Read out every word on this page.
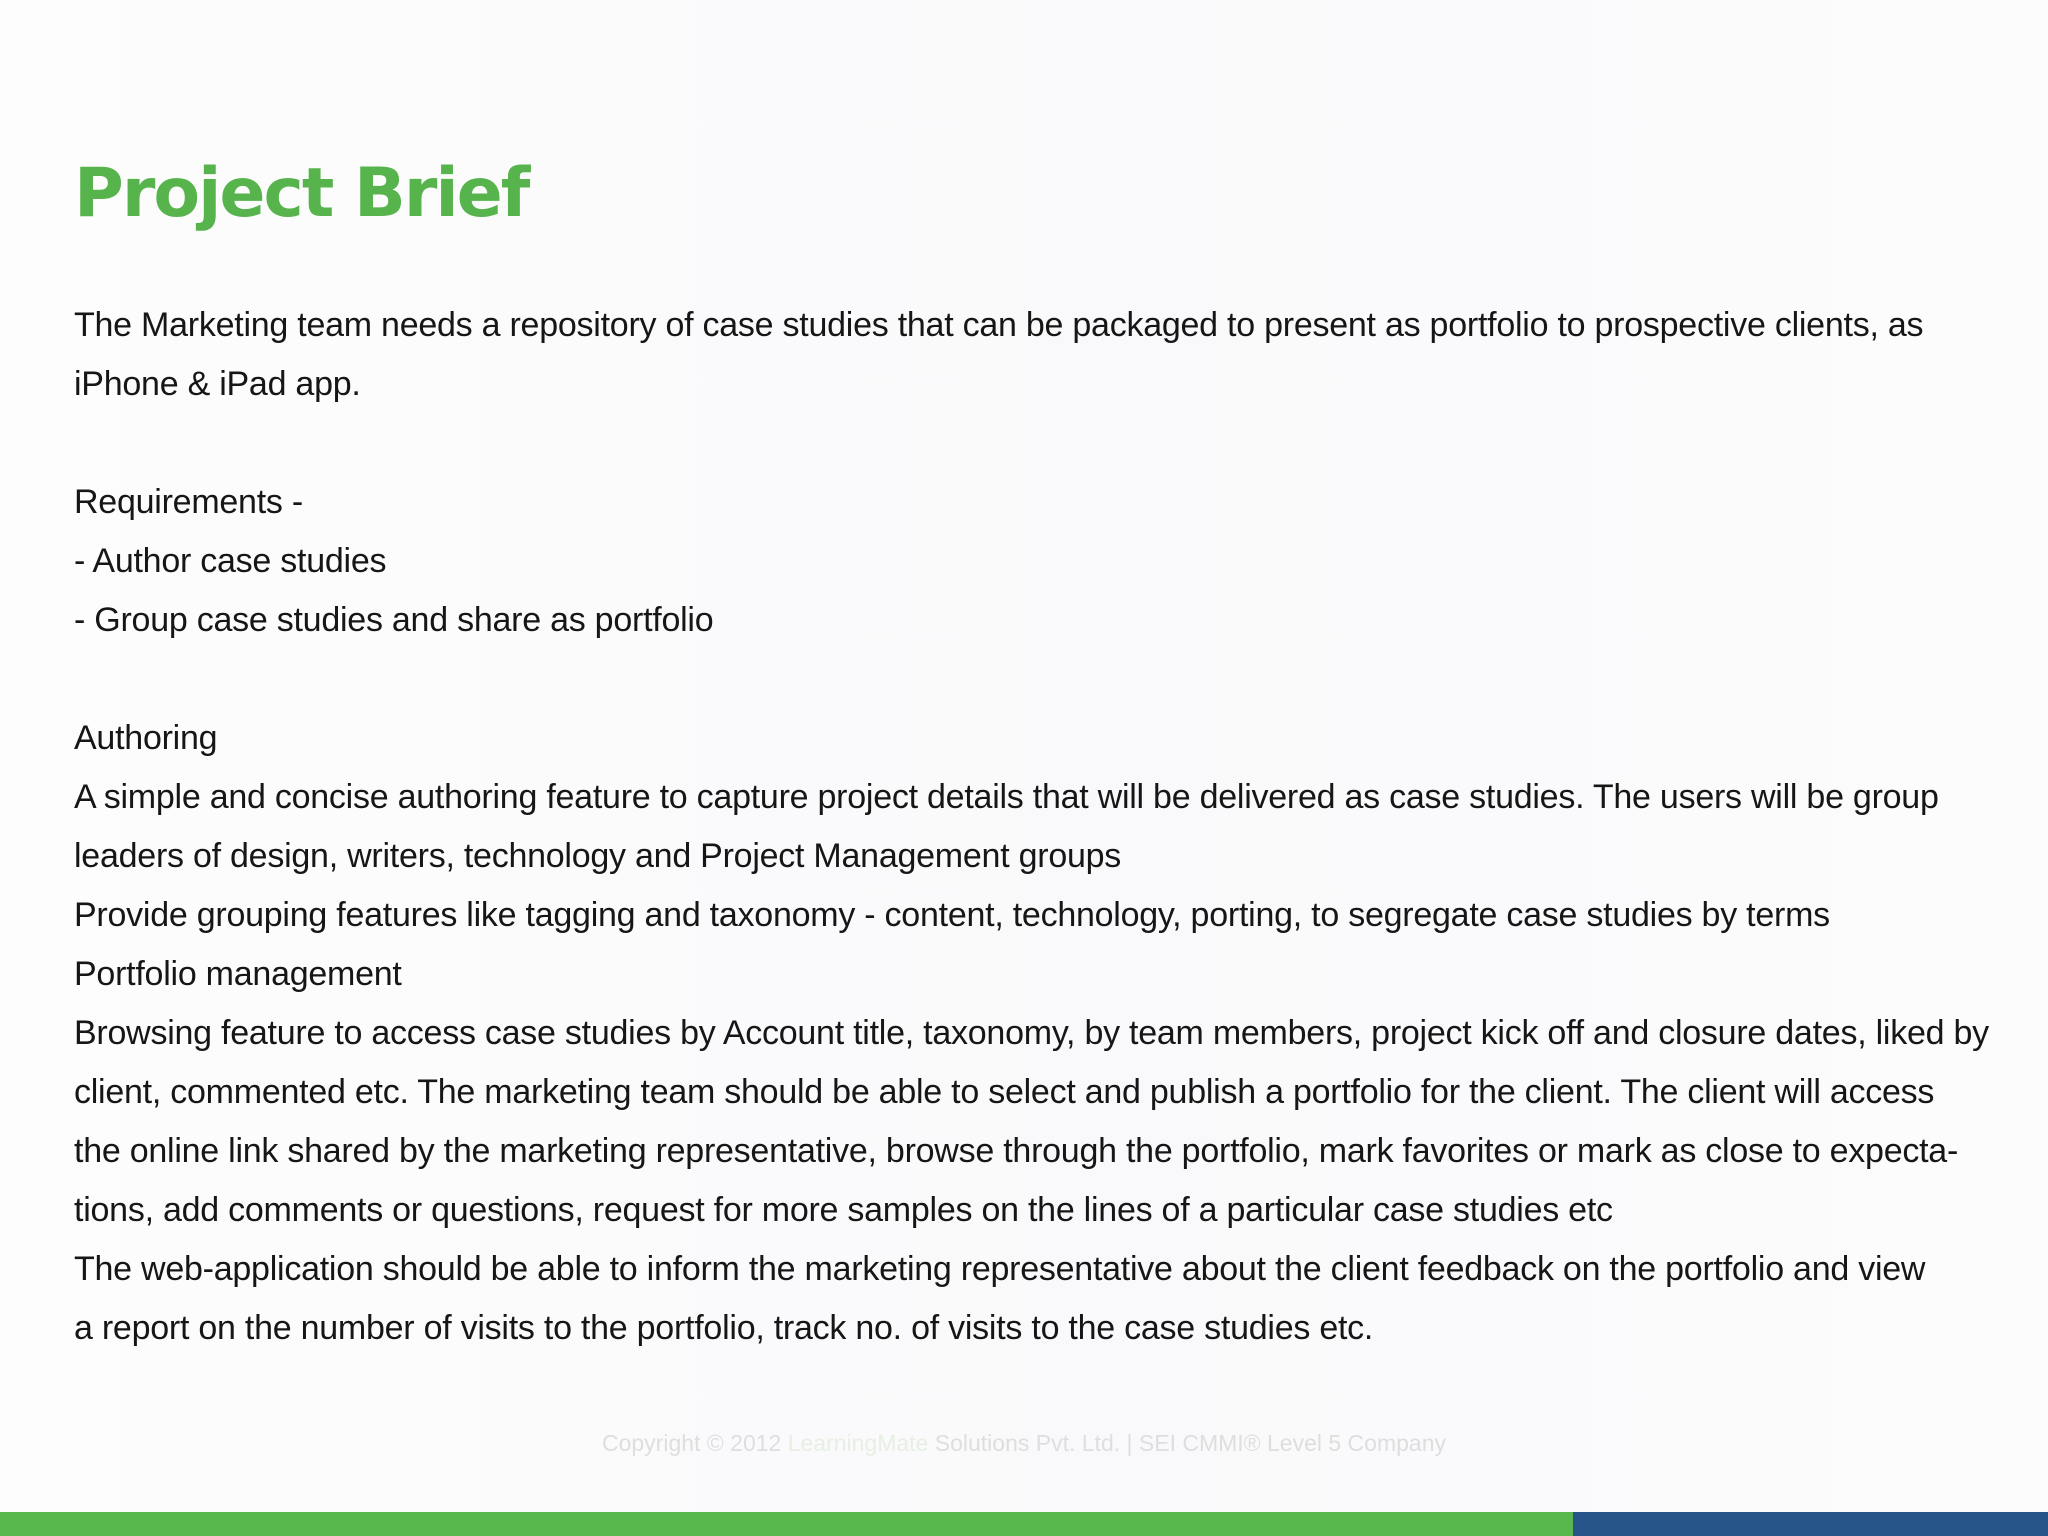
Project Brief
The Marketing team needs a repository of case studies that can be packaged to present as portfolio to prospective clients, as
iPhone & iPad app.
Requirements -
- Author case studies
- Group case studies and share as portfolio
Authoring
A simple and concise authoring feature to capture project details that will be delivered as case studies. The users will be group
leaders of design, writers, technology and Project Management groups
Provide grouping features like tagging and taxonomy - content, technology, porting, to segregate case studies by terms
Portfolio management
Browsing feature to access case studies by Account title, taxonomy, by team members, project kick off and closure dates, liked by
client, commented etc. The marketing team should be able to select and publish a portfolio for the client. The client will access
the online link shared by the marketing representative, browse through the portfolio, mark favorites or mark as close to expecta-
tions, add comments or questions, request for more samples on the lines of a particular case studies etc
The web-application should be able to inform the marketing representative about the client feedback on the portfolio and view
a report on the number of visits to the portfolio, track no. of visits to the case studies etc.
Copyright © 2012 LearningMate Solutions Pvt. Ltd. | SEI CMMI® Level 5 Company
